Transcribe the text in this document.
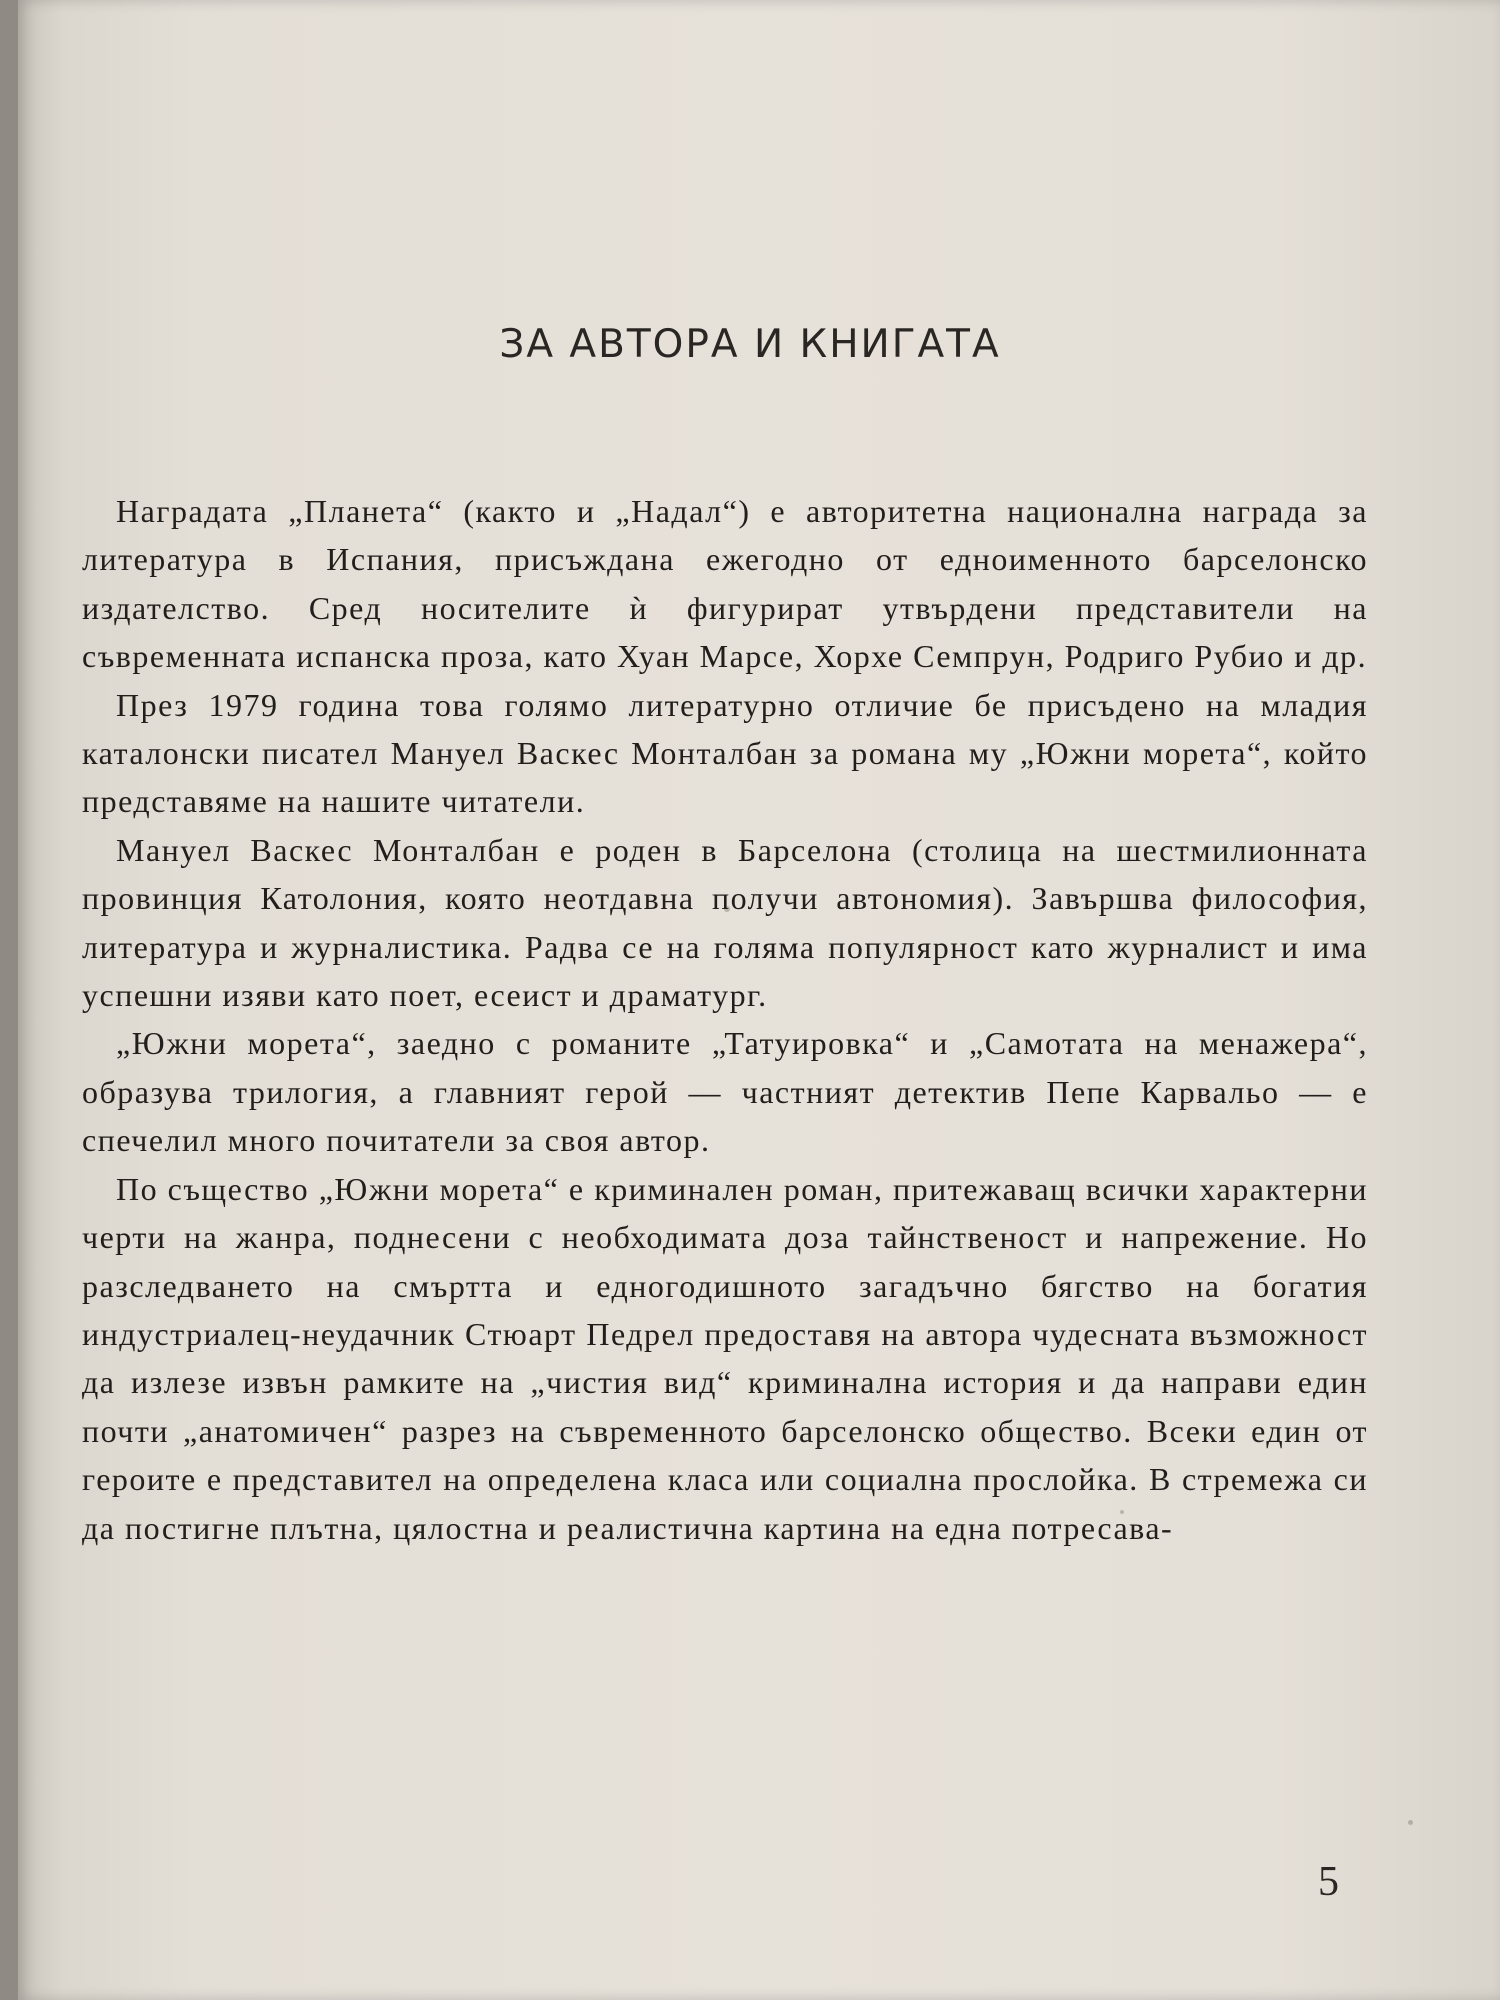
ЗА АВТОРА И КНИГАТА

Наградата „Планета“ (както и „Надал“) е авторитетна национална награда за литература в Испания, присъждана ежегодно от едноименното барселонско издателство. Сред носителите ѝ фигурират утвърдени представители на съвременната испанска проза, като Хуан Марсе, Хорхе Семпрун, Родриго Рубио и др.

През 1979 година това голямо литературно отличие бе присъдено на младия каталонски писател Мануел Васкес Монталбан за романа му „Южни морета“, който представяме на нашите читатели.

Мануел Васкес Монталбан е роден в Барселона (столица на шестмилионната провинция Католония, която неотдавна получи автономия). Завършва философия, литература и журналистика. Радва се на голяма популярност като журналист и има успешни изяви като поет, есеист и драматург.

„Южни морета“, заедно с романите „Татуировка“ и „Самотата на менажера“, образува трилогия, а главният герой — частният детектив Пепе Карвальо — е спечелил много почитатели за своя автор.

По същество „Южни морета“ е криминален роман, притежаващ всички характерни черти на жанра, поднесени с необходимата доза тайнственост и напрежение. Но разследването на смъртта и едногодишното загадъчно бягство на богатия индустриалец-неудачник Стюарт Педрел предоставя на автора чудесната възможност да излезе извън рамките на „чистия вид“ криминална история и да направи един почти „анатомичен“ разрез на съвременното барселонско общество. Всеки един от героите е представител на определена класа или социална прослойка. В стремежа си да постигне плътна, цялостна и реалистична картина на една потресава-

5
